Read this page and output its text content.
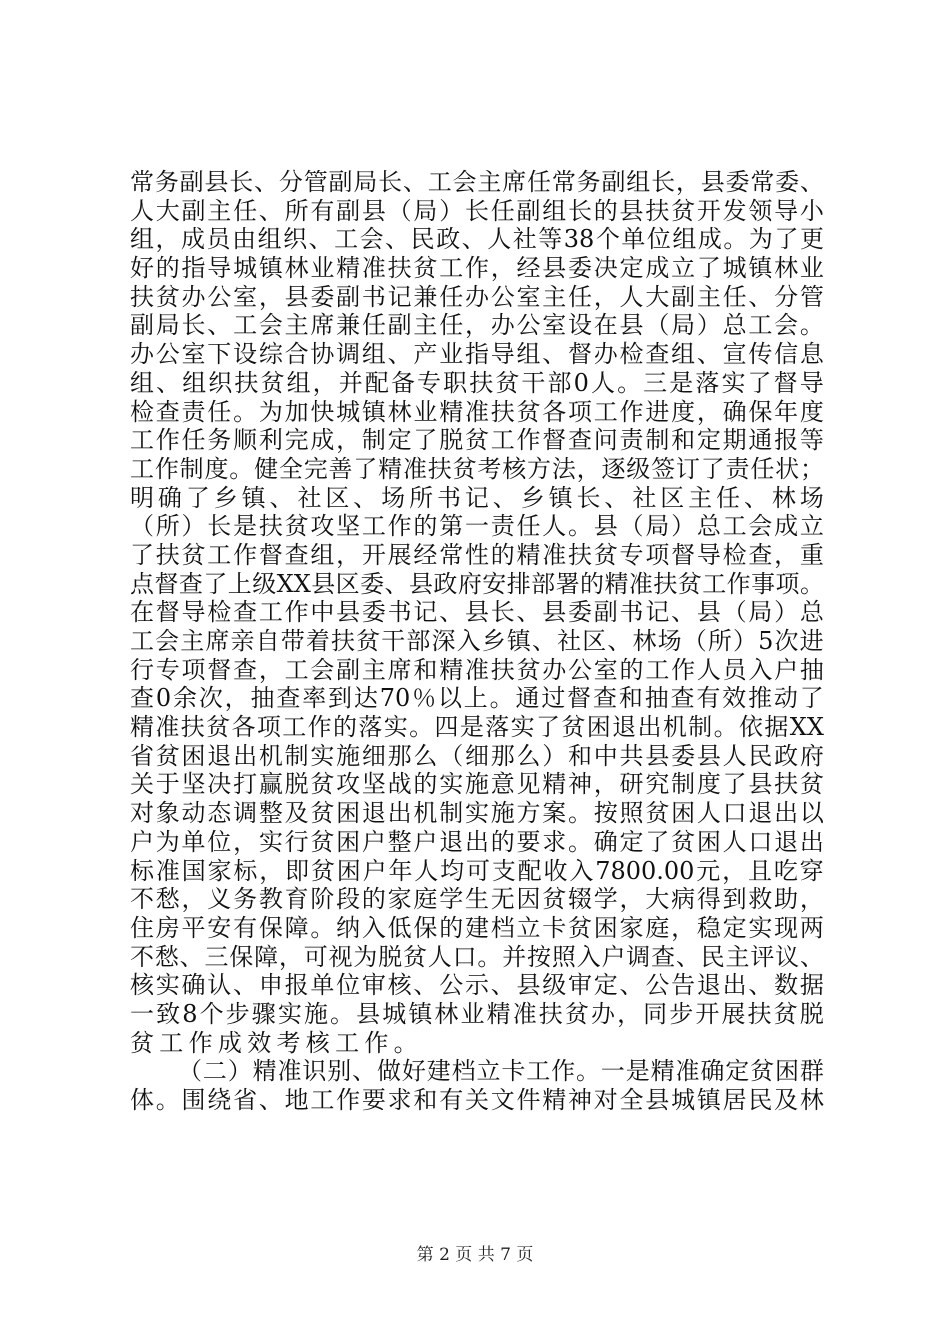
常 务 副 县 长 、 分 管 副 局 长 、 工 会 主 席 任 常 务 副 组 长 ， 县 委 常 委 、
人 大 副 主 任 、 所 有 副 县 （ 局 ） 长 任 副 组 长 的 县 扶 贫 开 发 领 导 小
组 ， 成 员 由 组 织 、 工 会 、 民 政 、 人 社 等 38 个 单 位 组 成 。 为 了 更
好 的 指 导 城 镇 林 业 精 准 扶 贫 工 作 ， 经 县 委 决 定 成 立 了 城 镇 林 业
扶 贫 办 公 室 ， 县 委 副 书 记 兼 任 办 公 室 主 任 ， 人 大 副 主 任 、 分 管
副 局 长 、 工 会 主 席 兼 任 副 主 任 ， 办 公 室 设 在 县 （ 局 ） 总 工 会 。
办 公 室 下 设 综 合 协 调 组 、 产 业 指 导 组 、 督 办 检 查 组 、 宣 传 信 息
组 、 组 织 扶 贫 组 ， 并 配 备 专 职 扶 贫 干 部 0 人 。 三 是 落 实 了 督 导
检 查 责 任 。 为 加 快 城 镇 林 业 精 准 扶 贫 各 项 工 作 进 度 ， 确 保 年 度
工 作 任 务 顺 利 完 成 ， 制 定 了 脱 贫 工 作 督 查 问 责 制 和 定 期 通 报 等
工 作 制 度 。 健 全 完 善 了 精 准 扶 贫 考 核 方 法 ， 逐 级 签 订 了 责 任 状 ；
明 确 了 乡 镇 、 社 区 、 场 所 书 记 、 乡 镇 长 、 社 区 主 任 、 林 场
（ 所 ） 长 是 扶 贫 攻 坚 工 作 的 第 一 责 任 人 。 县 （ 局 ） 总 工 会 成 立
了 扶 贫 工 作 督 查 组 ， 开 展 经 常 性 的 精 准 扶 贫 专 项 督 导 检 查 ， 重
点 督 查 了 上 级 XX 县 区 委 、 县 政 府 安 排 部 署 的 精 准 扶 贫 工 作 事 项 。
在 督 导 检 查 工 作 中 县 委 书 记 、 县 长 、 县 委 副 书 记 、 县 （ 局 ） 总
工 会 主 席 亲 自 带 着 扶 贫 干 部 深 入 乡 镇 、 社 区 、 林 场 （ 所 ） 5 次 进
行 专 项 督 查 ， 工 会 副 主 席 和 精 准 扶 贫 办 公 室 的 工 作 人 员 入 户 抽
查 0 余 次 ， 抽 查 率 到 达 70 ％ 以 上 。 通 过 督 查 和 抽 查 有 效 推 动 了
精 准 扶 贫 各 项 工 作 的 落 实 。 四 是 落 实 了 贫 困 退 出 机 制 。 依 据 XX
省 贫 困 退 出 机 制 实 施 细 那 么 （ 细 那 么 ） 和 中 共 县 委 县 人 民 政 府
关 于 坚 决 打 赢 脱 贫 攻 坚 战 的 实 施 意 见 精 神 ， 研 究 制 度 了 县 扶 贫
对 象 动 态 调 整 及 贫 困 退 出 机 制 实 施 方 案 。 按 照 贫 困 人 口 退 出 以
户 为 单 位 ， 实 行 贫 困 户 整 户 退 出 的 要 求 。 确 定 了 贫 困 人 口 退 出
标 准 国 家 标 ， 即 贫 困 户 年 人 均 可 支 配 收 入 7800.00 元 ， 且 吃 穿
不 愁 ， 义 务 教 育 阶 段 的 家 庭 学 生 无 因 贫 辍 学 ， 大 病 得 到 救 助 ，
住 房 平 安 有 保 障 。 纳 入 低 保 的 建 档 立 卡 贫 困 家 庭 ， 稳 定 实 现 两
不 愁 、 三 保 障 ， 可 视 为 脱 贫 人 口 。 并 按 照 入 户 调 查 、 民 主 评 议 、
核 实 确 认 、 申 报 单 位 审 核 、 公 示 、 县 级 审 定 、 公 告 退 出 、 数 据
一 致 8 个 步 骤 实 施 。 县 城 镇 林 业 精 准 扶 贫 办 ， 同 步 开 展 扶 贫 脱
贫 工 作 成 效 考 核 工 作 。
（ 二 ） 精 准 识 别 、 做 好 建 档 立 卡 工 作 。 一 是 精 准 确 定 贫 困 群
体 。 围 绕 省 、 地 工 作 要 求 和 有 关 文 件 精 神 对 全 县 城 镇 居 民 及 林
第 2 页 共 7 页
